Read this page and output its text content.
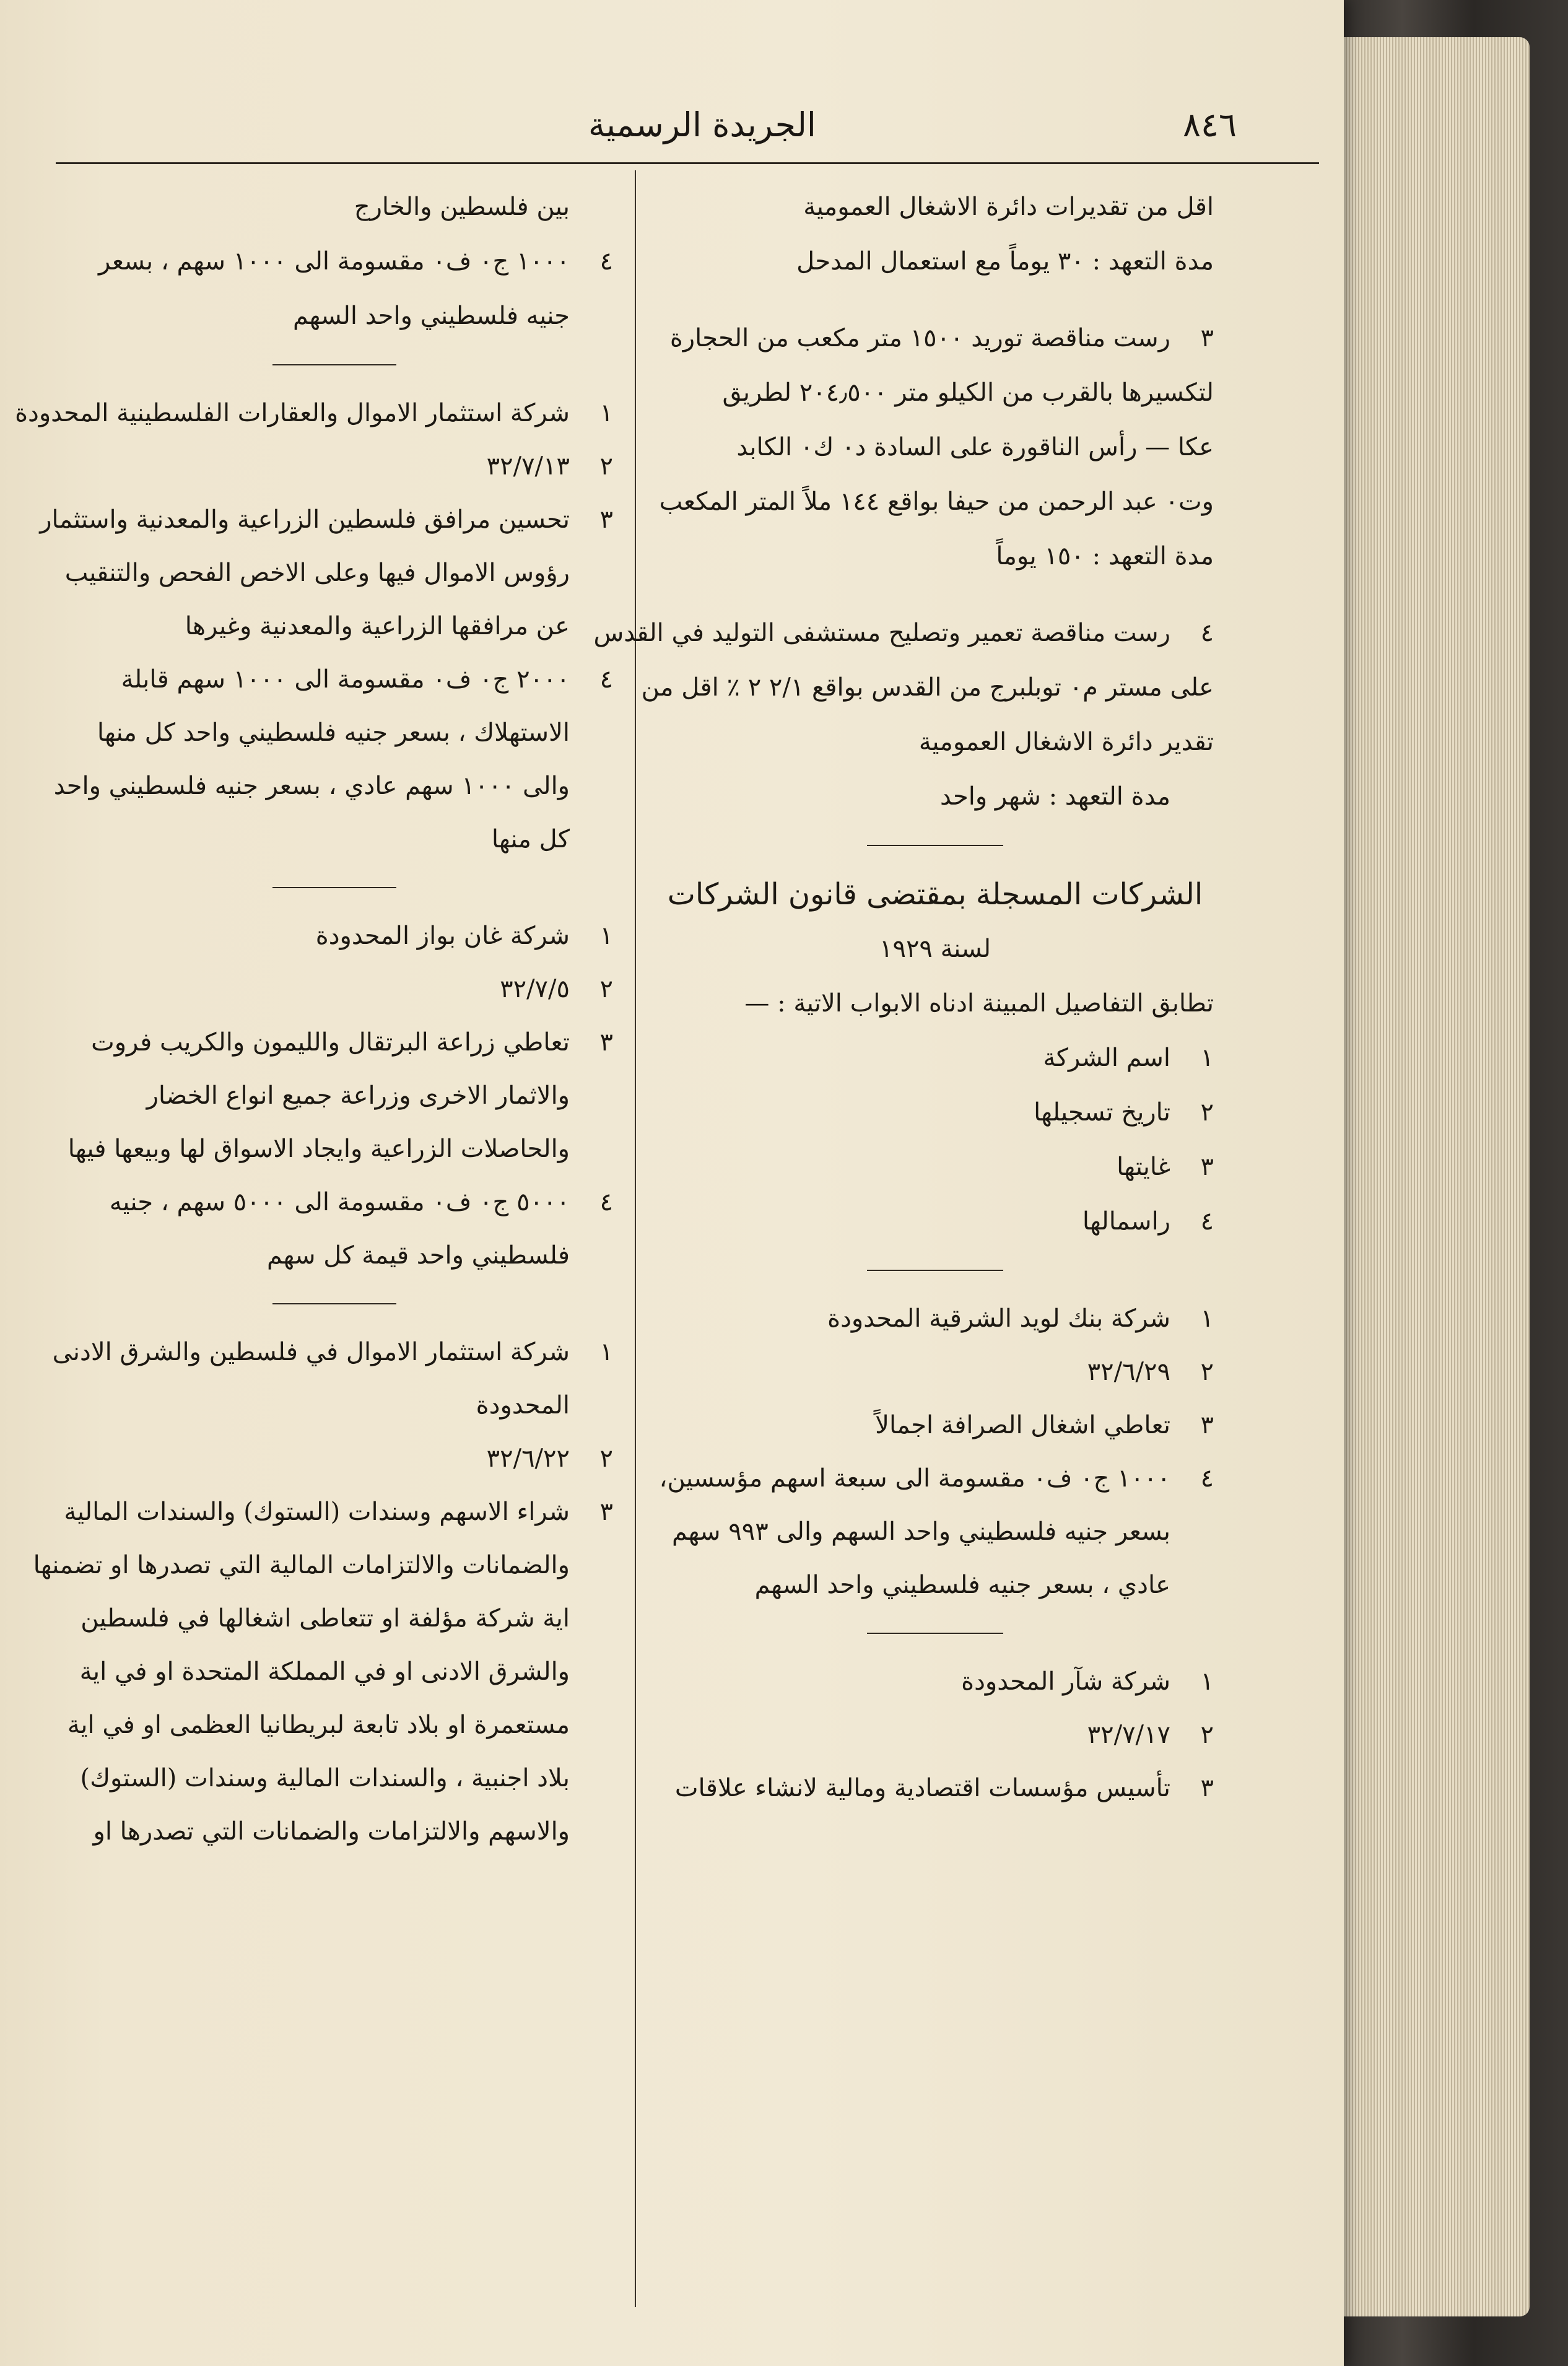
٨٤٦
الجريدة الرسمية
اقل من تقديرات دائرة الاشغال العمومية
مدة التعهد : ٣٠ يوماً مع استعمال المدحل
٣
رست مناقصة توريد ١٥٠٠ متر مكعب من الحجارة
لتكسيرها بالقرب من الكيلو متر ٢٠٤٫٥٠٠ لطريق
عكا — رأس الناقورة على السادة د٠ ك٠ الكابد
وت٠ عبد الرحمن من حيفا بواقع ١٤٤ ملاً المتر المكعب
مدة التعهد : ١٥٠ يوماً
٤
رست مناقصة تعمير وتصليح مستشفى التوليد في القدس
على مستر م٠ توبلبرج من القدس بواقع ٢/١ ٢ ٪ اقل من
تقدير دائرة الاشغال العمومية
مدة التعهد : شهر واحد
الشركات المسجلة بمقتضى قانون الشركات
لسنة ١٩٢٩
تطابق التفاصيل المبينة ادناه الابواب الاتية : —
١
اسم الشركة
٢
تاريخ تسجيلها
٣
غايتها
٤
راسمالها
١
شركة بنك لويد الشرقية المحدودة
٢
٣٢/٦/٢٩
٣
تعاطي اشغال الصرافة اجمالاً
٤
١٠٠٠ ج٠ ف٠ مقسومة الى سبعة اسهم مؤسسين،
بسعر جنيه فلسطيني واحد السهم والى ٩٩٣ سهم
عادي ، بسعر جنيه فلسطيني واحد السهم
١
شركة شآر المحدودة
٢
٣٢/٧/١٧
٣
تأسيس مؤسسات اقتصادية ومالية لانشاء علاقات
بين فلسطين والخارج
٤
١٠٠٠ ج٠ ف٠ مقسومة الى ١٠٠٠ سهم ، بسعر
جنيه فلسطيني واحد السهم
١
شركة استثمار الاموال والعقارات الفلسطينية المحدودة
٢
٣٢/٧/١٣
٣
تحسين مرافق فلسطين الزراعية والمعدنية واستثمار
رؤوس الاموال فيها وعلى الاخص الفحص والتنقيب
عن مرافقها الزراعية والمعدنية وغيرها
٤
٢٠٠٠ ج٠ ف٠ مقسومة الى ١٠٠٠ سهم قابلة
الاستهلاك ، بسعر جنيه فلسطيني واحد كل منها
والى ١٠٠٠ سهم عادي ، بسعر جنيه فلسطيني واحد
كل منها
١
شركة غان بواز المحدودة
٢
٣٢/٧/٥
٣
تعاطي زراعة البرتقال والليمون والكريب فروت
والاثمار الاخرى وزراعة جميع انواع الخضار
والحاصلات الزراعية وايجاد الاسواق لها وبيعها فيها
٤
٥٠٠٠ ج٠ ف٠ مقسومة الى ٥٠٠٠ سهم ، جنيه
فلسطيني واحد قيمة كل سهم
١
شركة استثمار الاموال في فلسطين والشرق الادنى
المحدودة
٢
٣٢/٦/٢٢
٣
شراء الاسهم وسندات (الستوك) والسندات المالية
والضمانات والالتزامات المالية التي تصدرها او تضمنها
اية شركة مؤلفة او تتعاطى اشغالها في فلسطين
والشرق الادنى او في المملكة المتحدة او في اية
مستعمرة او بلاد تابعة لبريطانيا العظمى او في اية
بلاد اجنبية ، والسندات المالية وسندات (الستوك)
والاسهم والالتزامات والضمانات التي تصدرها او
